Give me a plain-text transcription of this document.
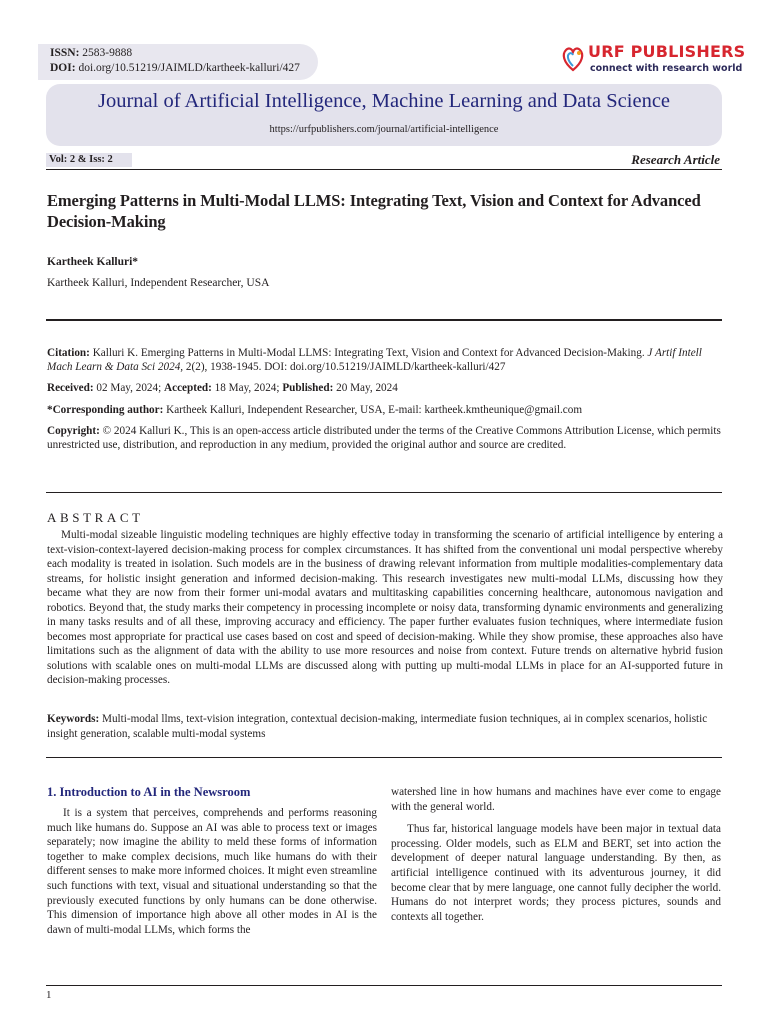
ISSN: 2583-9888
DOI: doi.org/10.51219/JAIMLD/kartheek-kalluri/427
URF PUBLISHERS
connect with research world
Journal of Artificial Intelligence, Machine Learning and Data Science
https://urfpublishers.com/journal/artificial-intelligence
Vol: 2 & Iss: 2	Research Article
Emerging Patterns in Multi-Modal LLMS: Integrating Text, Vision and Context for Advanced Decision-Making
Kartheek Kalluri*
Kartheek Kalluri, Independent Researcher, USA
Citation: Kalluri K. Emerging Patterns in Multi-Modal LLMS: Integrating Text, Vision and Context for Advanced Decision-Making. J Artif Intell Mach Learn & Data Sci 2024, 2(2), 1938-1945. DOI: doi.org/10.51219/JAIMLD/kartheek-kalluri/427
Received: 02 May, 2024; Accepted: 18 May, 2024; Published: 20 May, 2024
*Corresponding author: Kartheek Kalluri, Independent Researcher, USA, E-mail: kartheek.kmtheunique@gmail.com
Copyright: © 2024 Kalluri K., This is an open-access article distributed under the terms of the Creative Commons Attribution License, which permits unrestricted use, distribution, and reproduction in any medium, provided the original author and source are credited.
ABSTRACT
Multi-modal sizeable linguistic modeling techniques are highly effective today in transforming the scenario of artificial intelligence by entering a text-vision-context-layered decision-making process for complex circumstances. It has shifted from the conventional uni modal perspective whereby each modality is treated in isolation. Such models are in the business of drawing relevant information from multiple modalities-complementary data streams, for holistic insight generation and informed decision-making. This research investigates new multi-modal LLMs, discussing how they became what they are now from their former uni-modal avatars and multitasking capabilities concerning healthcare, autonomous navigation and robotics. Beyond that, the study marks their competency in processing incomplete or noisy data, transforming dynamic environments and generalizing in many tasks results and of all these, improving accuracy and efficiency. The paper further evaluates fusion techniques, where intermediate fusion becomes most appropriate for practical use cases based on cost and speed of decision-making. While they show promise, these approaches also have limitations such as the alignment of data with the ability to use more resources and noise from context. Future trends on alternative hybrid fusion solutions with scalable ones on multi-modal LLMs are discussed along with putting up multi-modal LLMs in place for an AI-supported future in decision-making processes.
Keywords: Multi-modal llms, text-vision integration, contextual decision-making, intermediate fusion techniques, ai in complex scenarios, holistic insight generation, scalable multi-modal systems
1. Introduction to AI in the Newsroom
It is a system that perceives, comprehends and performs reasoning much like humans do. Suppose an AI was able to process text or images separately; now imagine the ability to meld these forms of information together to make complex decisions, much like humans do with their different senses to make more informed choices. It might even streamline such functions with text, visual and situational understanding so that the previously executed functions by only humans can be done otherwise. This dimension of importance high above all other modes in AI is the dawn of multi-modal LLMs, which forms the

watershed line in how humans and machines have ever come to engage with the general world.

Thus far, historical language models have been major in textual data processing. Older models, such as ELM and BERT, set into action the development of deeper natural language understanding. By then, as artificial intelligence continued with its adventurous journey, it did become clear that by mere language, one cannot fully decipher the world. Humans do not interpret words; they process pictures, sounds and contexts all together.

1
